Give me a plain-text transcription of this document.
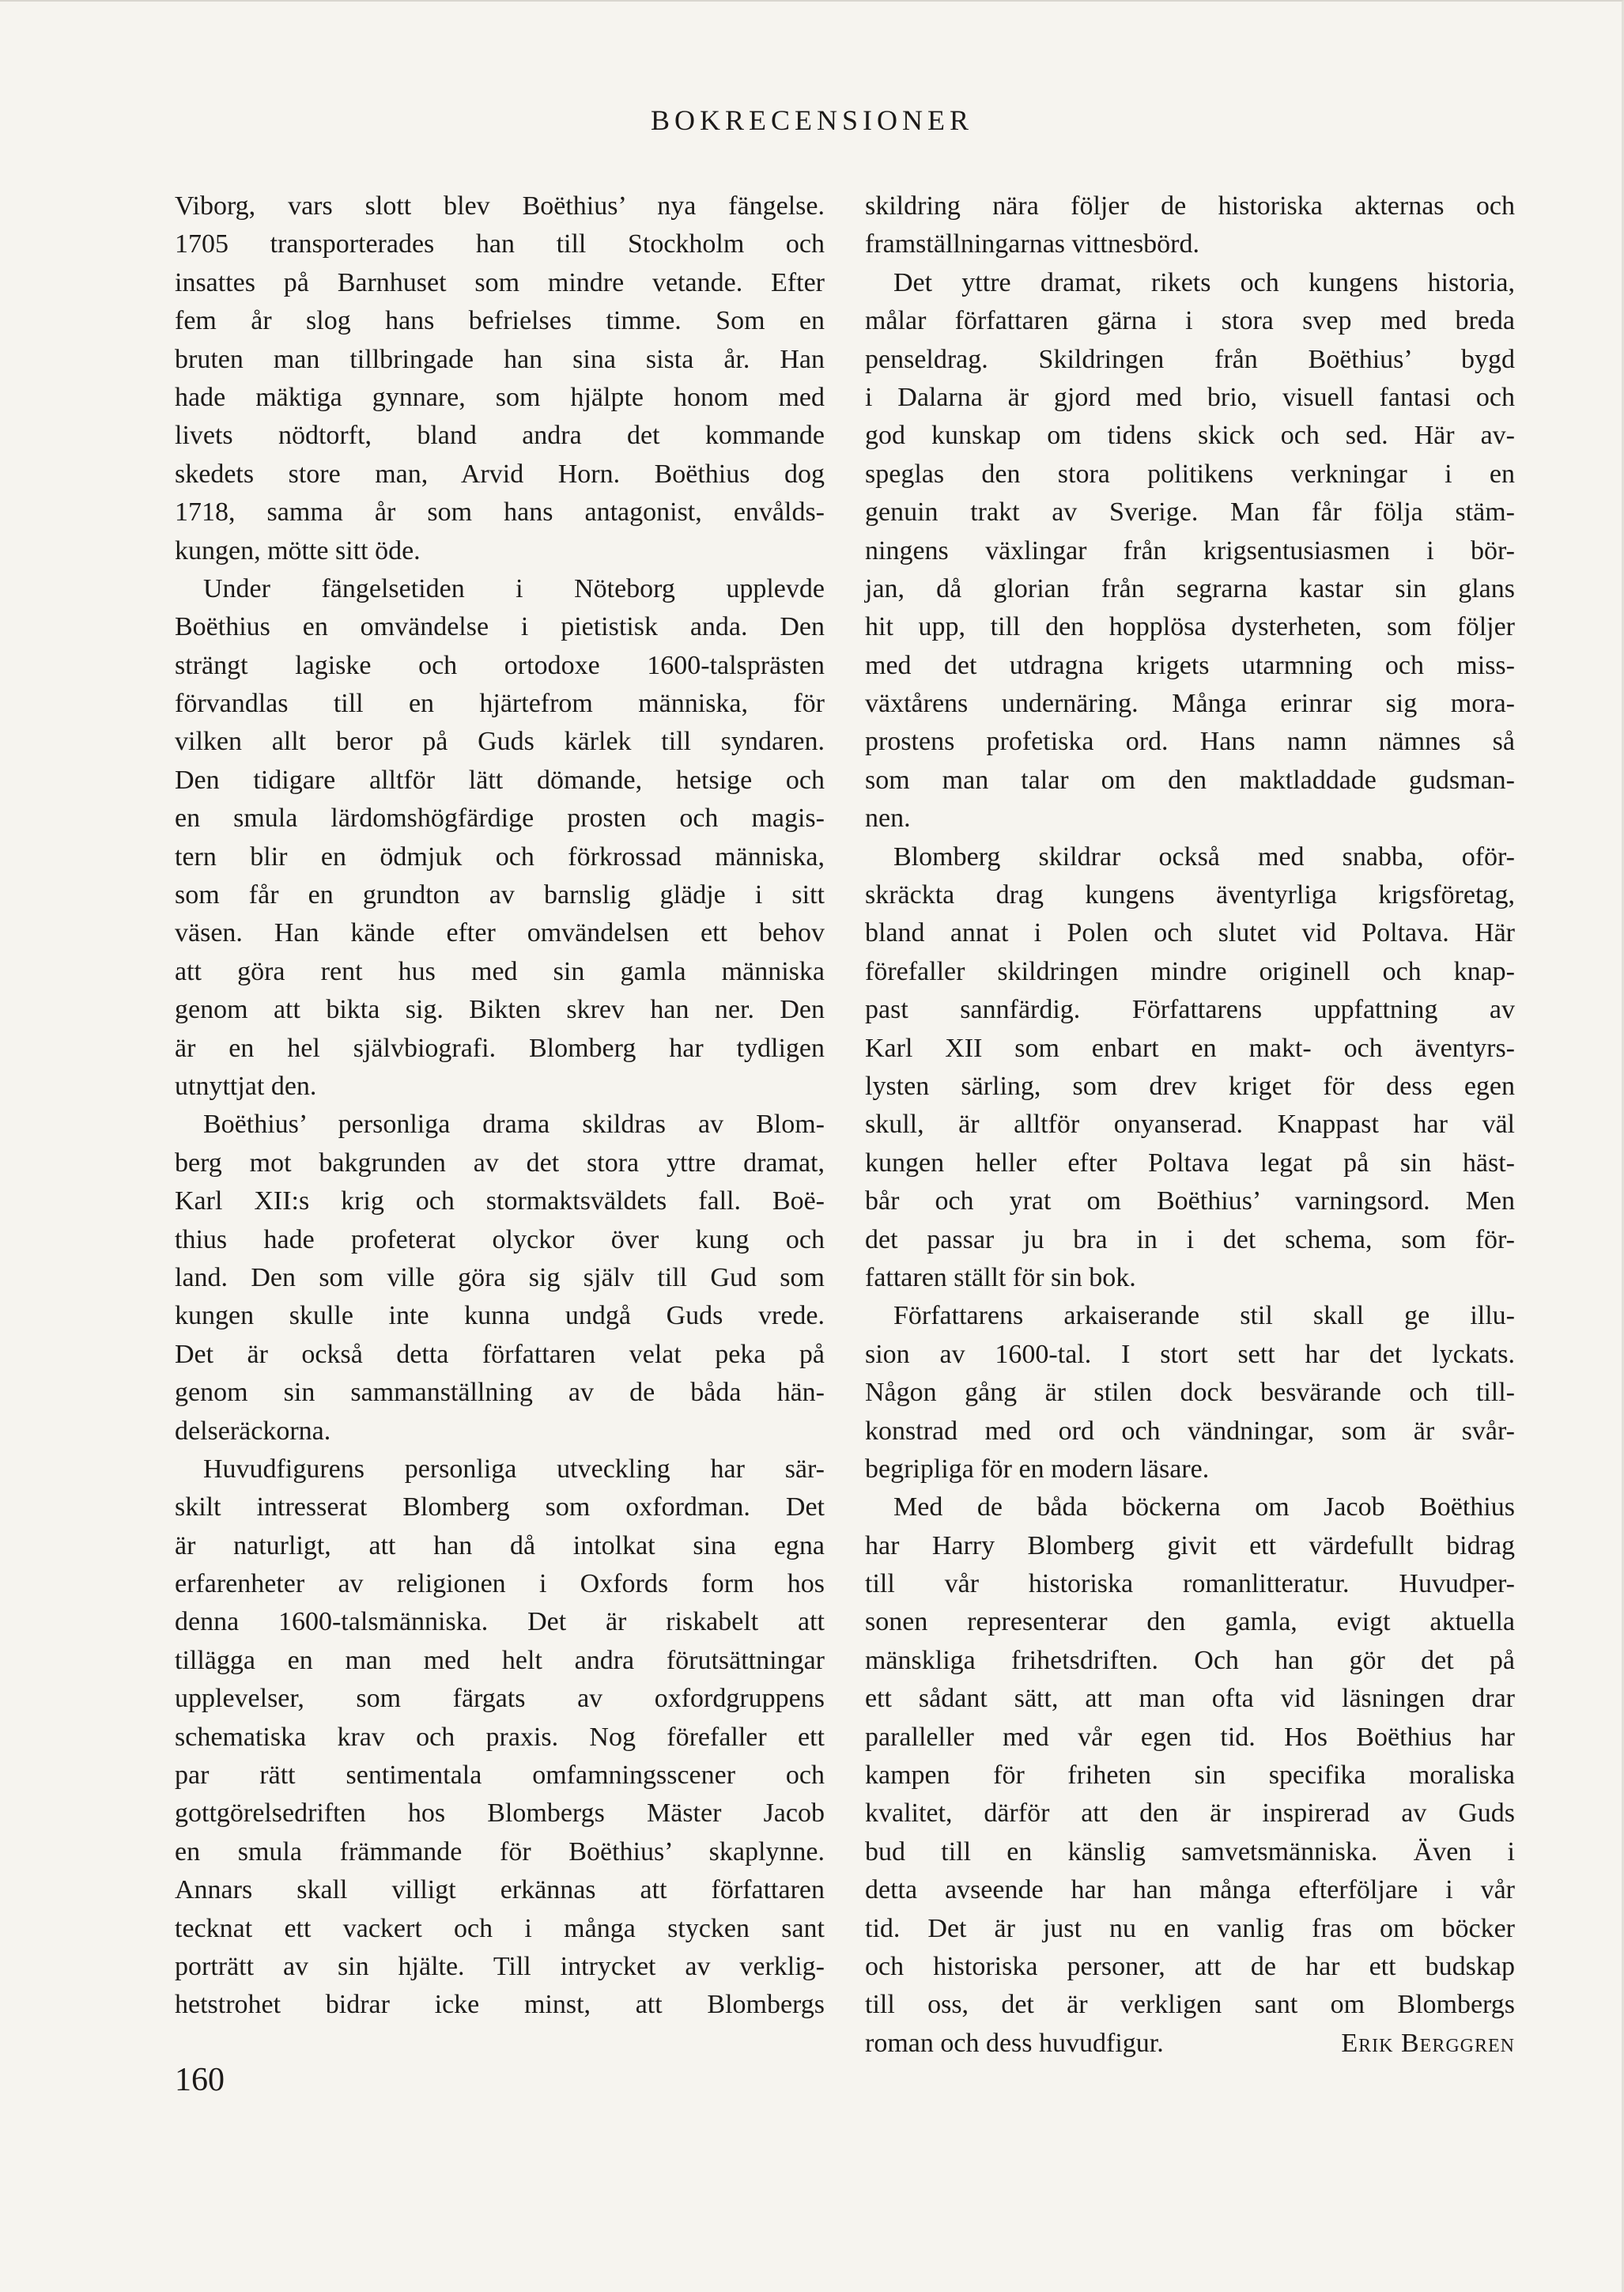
BOKRECENSIONER
Viborg, vars slott blev Boëthius’ nya fängelse.
1705 transporterades han till Stockholm och
insattes på Barnhuset som mindre vetande. Efter
fem år slog hans befrielses timme. Som en
bruten man tillbringade han sina sista år. Han
hade mäktiga gynnare, som hjälpte honom med
livets nödtorft, bland andra det kommande
skedets store man, Arvid Horn. Boëthius dog
1718, samma år som hans antagonist, envålds-
kungen, mötte sitt öde.
Under fängelsetiden i Nöteborg upplevde
Boëthius en omvändelse i pietistisk anda. Den
strängt lagiske och ortodoxe 1600-talsprästen
förvandlas till en hjärtefrom människa, för
vilken allt beror på Guds kärlek till syndaren.
Den tidigare alltför lätt dömande, hetsige och
en smula lärdomshögfärdige prosten och magis-
tern blir en ödmjuk och förkrossad människa,
som får en grundton av barnslig glädje i sitt
väsen. Han kände efter omvändelsen ett behov
att göra rent hus med sin gamla människa
genom att bikta sig. Bikten skrev han ner. Den
är en hel självbiografi. Blomberg har tydligen
utnyttjat den.
Boëthius’ personliga drama skildras av Blom-
berg mot bakgrunden av det stora yttre dramat,
Karl XII:s krig och stormaktsväldets fall. Boë-
thius hade profeterat olyckor över kung och
land. Den som ville göra sig själv till Gud som
kungen skulle inte kunna undgå Guds vrede.
Det är också detta författaren velat peka på
genom sin sammanställning av de båda hän-
delseräckorna.
Huvudfigurens personliga utveckling har sär-
skilt intresserat Blomberg som oxfordman. Det
är naturligt, att han då intolkat sina egna
erfarenheter av religionen i Oxfords form hos
denna 1600-talsmänniska. Det är riskabelt att
tillägga en man med helt andra förutsättningar
upplevelser, som färgats av oxfordgruppens
schematiska krav och praxis. Nog förefaller ett
par rätt sentimentala omfamningsscener och
gottgörelsedriften hos Blombergs Mäster Jacob
en smula främmande för Boëthius’ skaplynne.
Annars skall villigt erkännas att författaren
tecknat ett vackert och i många stycken sant
porträtt av sin hjälte. Till intrycket av verklig-
hetstrohet bidrar icke minst, att Blombergs
skildring nära följer de historiska akternas och
framställningarnas vittnesbörd.
Det yttre dramat, rikets och kungens historia,
målar författaren gärna i stora svep med breda
penseldrag. Skildringen från Boëthius’ bygd
i Dalarna är gjord med brio, visuell fantasi och
god kunskap om tidens skick och sed. Här av-
speglas den stora politikens verkningar i en
genuin trakt av Sverige. Man får följa stäm-
ningens växlingar från krigsentusiasmen i bör-
jan, då glorian från segrarna kastar sin glans
hit upp, till den hopplösa dysterheten, som följer
med det utdragna krigets utarmning och miss-
växtårens undernäring. Många erinrar sig mora-
prostens profetiska ord. Hans namn nämnes så
som man talar om den maktladdade gudsman-
nen.
Blomberg skildrar också med snabba, oför-
skräckta drag kungens äventyrliga krigsföretag,
bland annat i Polen och slutet vid Poltava. Här
förefaller skildringen mindre originell och knap-
past sannfärdig. Författarens uppfattning av
Karl XII som enbart en makt- och äventyrs-
lysten särling, som drev kriget för dess egen
skull, är alltför onyanserad. Knappast har väl
kungen heller efter Poltava legat på sin häst-
bår och yrat om Boëthius’ varningsord. Men
det passar ju bra in i det schema, som för-
fattaren ställt för sin bok.
Författarens arkaiserande stil skall ge illu-
sion av 1600-tal. I stort sett har det lyckats.
Någon gång är stilen dock besvärande och till-
konstrad med ord och vändningar, som är svår-
begripliga för en modern läsare.
Med de båda böckerna om Jacob Boëthius
har Harry Blomberg givit ett värdefullt bidrag
till vår historiska romanlitteratur. Huvudper-
sonen representerar den gamla, evigt aktuella
mänskliga frihetsdriften. Och han gör det på
ett sådant sätt, att man ofta vid läsningen drar
paralleller med vår egen tid. Hos Boëthius har
kampen för friheten sin specifika moraliska
kvalitet, därför att den är inspirerad av Guds
bud till en känslig samvetsmänniska. Även i
detta avseende har han många efterföljare i vår
tid. Det är just nu en vanlig fras om böcker
och historiska personer, att de har ett budskap
till oss, det är verkligen sant om Blombergs
roman och dess huvudfigur.	Erik Berggren
160
